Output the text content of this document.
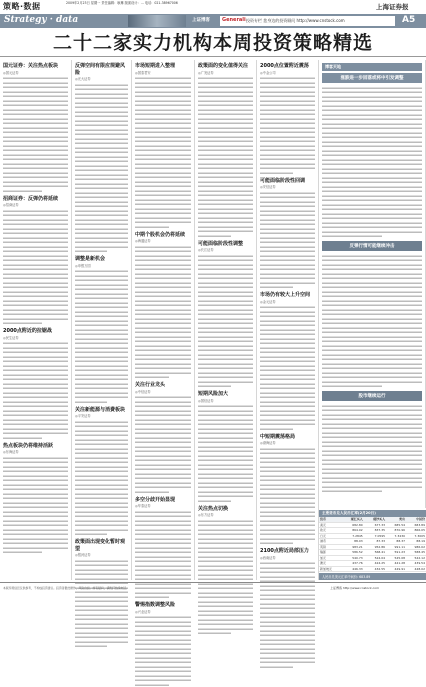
策略·数据	2009年2月23日 星期一 责任编辑：耿琳 版面设计：… 电话：021-38967006	上海证券报
Strategy · data	上证博客 Generali 投资专栏 您身边的投资顾问 http://www.cnstock.com	A5
二十二家实力机构本周投资策略精选
国元证券：关注热点板块
◎国元证券
招商证券：反弹仍将延续
◎招商证券
2000点附近的拉锯战
◎民生证券
热点板块仍将维持活跃
◎东海证券
反弹空间有限应规避风险
◎光大证券
调整是新机会
◎申银万国
关注新能源与消费板块
◎平安证券
政策面出现变化暂时观望
◎银河证券
市场短期进入整理
◎国泰君安
中期个股机会仍将延续
◎海通证券
关注行业龙头
◎中信证券
多空分歧开始显现
◎华泰证券
警惕指数调整风险
◎兴业证券
政策面的变化值得关注
◎广发证券
可能面临阶段性调整
◎长江证券
短期风险加大
◎国信证券
关注热点切换
◎东方证券
2000点位置附近震荡
◎中金公司
可能面临阶段性回调
◎安信证券
市场仍有较大上升空间
◎金元证券
中短期震荡格局
◎渤海证券
2100点附近局部压力
◎西南证券
博客天地
涨跌进一步回落或将中引发调整
反弹行情可能继续冲击
股市继续运行
主要货币兑人民币汇率(2月20日)
货币	现汇买入	现钞买入	卖出	中间价
美元	682.80	677.33	685.54	683.89
欧元	864.02	837.35	870.96	866.05
日元	7.2845	7.0595	7.3430	7.3005
港币	88.03	87.33	88.37	88.19
英镑	983.21	952.86	991.11	986.02
瑞郎	586.52	568.41	591.23	588.45
加元	540.73	524.04	545.08	542.12
澳元	437.76	424.25	441.28	439.54
新加坡元	446.33	432.55	449.91	448.02
人民币兑美元汇率中间价: 683.89
本版所载信息仅供参考，不构成投资建议。投资者据此操作，风险自担。如有疑问，请拨打热线电话。	上证博客 http://www.cnstock.com
